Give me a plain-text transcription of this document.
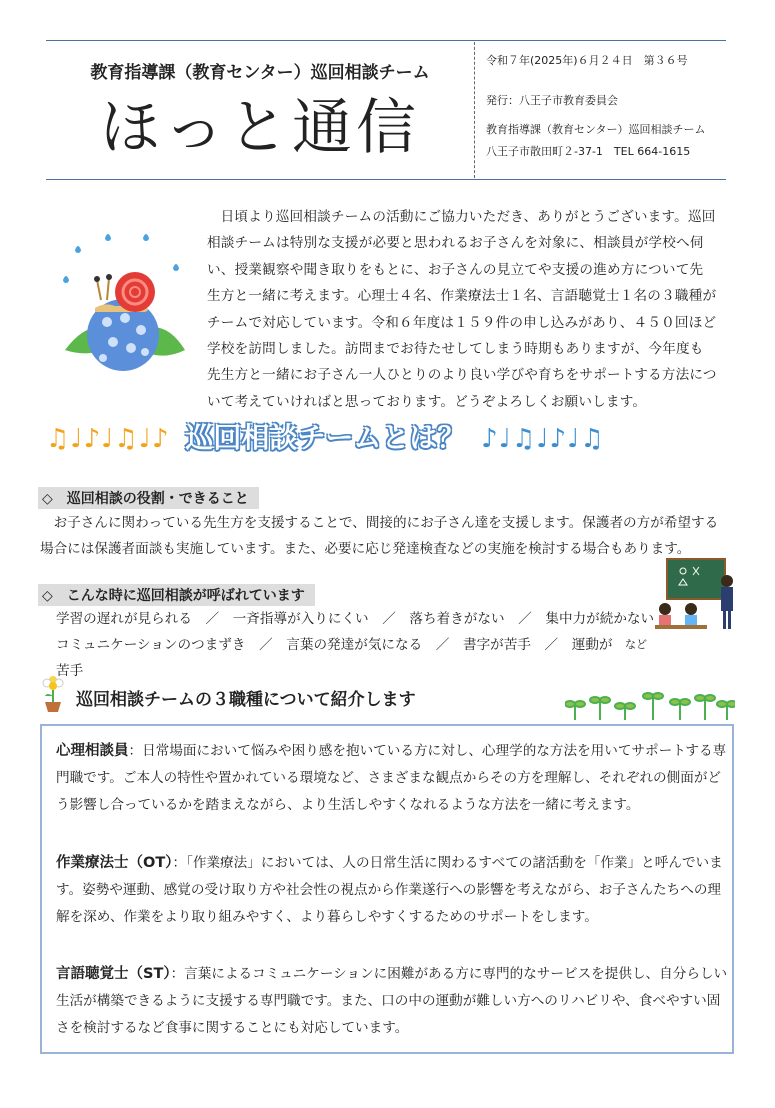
教育指導課（教育センター）巡回相談チーム
ほっと通信
令和７年(2025年)６月２４日　第３６号
発行：八王子市教育委員会
教育指導課（教育センター）巡回相談チーム
八王子市散田町２-37-1　TEL 664-1615
日頃より巡回相談チームの活動にご協力いただき、ありがとうございます。巡回相談チームは特別な支援が必要と思われるお子さんを対象に、相談員が学校へ伺い、授業観察や聞き取りをもとに、お子さんの見立てや支援の進め方について先生方と一緒に考えます。心理士４名、作業療法士１名、言語聴覚士１名の３職種がチームで対応しています。令和６年度は１５９件の申し込みがあり、４５０回ほど学校を訪問しました。訪問までお待たせしてしまう時期もありますが、今年度も先生方と一緒にお子さん一人ひとりのより良い学びや育ちをサポートする方法について考えていければと思っております。どうぞよろしくお願いします。
♫♩♪♩♫♩♪ 巡回相談チームとは？ ♪♩♫♩♪♩♫
◇　巡回相談の役割・できること
　お子さんに関わっている先生方を支援することで、間接的にお子さん達を支援します。保護者の方が希望する場合には保護者面談も実施しています。また、必要に応じ発達検査などの実施を検討する場合もあります。
◇　こんな時に巡回相談が呼ばれています
学習の遅れが見られる　／　一斉指導が入りにくい　／　落ち着きがない　／　集中力が続かない
コミュニケーションのつまずき　／　言葉の発達が気になる　／　書字が苦手　／　運動が苦手
など
巡回相談チームの３職種について紹介します
心理相談員：日常場面において悩みや困り感を抱いている方に対し、心理学的な方法を用いてサポートする専門職です。ご本人の特性や置かれている環境など、さまざまな観点からその方を理解し、それぞれの側面がどう影響し合っているかを踏まえながら、より生活しやすくなれるような方法を一緒に考えます。
作業療法士（OT）：「作業療法」においては、人の日常生活に関わるすべての諸活動を「作業」と呼んでいます。姿勢や運動、感覚の受け取り方や社会性の視点から作業遂行への影響を考えながら、お子さんたちへの理解を深め、作業をより取り組みやすく、より暮らしやすくするためのサポートをします。
言語聴覚士（ST）：言葉によるコミュニケーションに困難がある方に専門的なサービスを提供し、自分らしい生活が構築できるように支援する専門職です。また、口の中の運動が難しい方へのリハビリや、食べやすい固さを検討するなど食事に関することにも対応しています。
